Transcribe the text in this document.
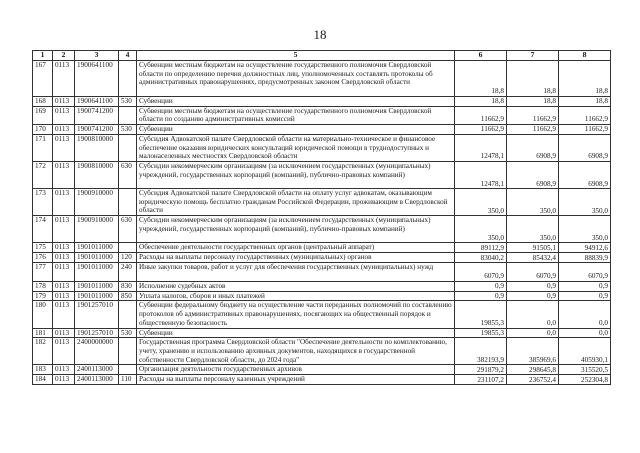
18
1	2	3	4	5	6	7	8
167	0113	1900641100		Субвенции местным бюджетам на осуществление государственного полномочия Свердловской области по определению перечня должностных лиц, уполномоченных составлять протоколы об административных правонарушениях, предусмотренных законом Свердловской области	18,8	18,8	18,8
168	0113	1900641100	530	Субвенции	18,8	18,8	18,8
169	0113	1900741200		Субвенции местным бюджетам на осуществление государственного полномочия Свердловской области по созданию административных комиссий	11662,9	11662,9	11662,9
170	0113	1900741200	530	Субвенции	11662,9	11662,9	11662,9
171	0113	1900810000		Субсидия Адвокатской палате Свердловской области на материально-техническое и финансовое обеспечение оказания юридических консультаций юридической помощи в труднодоступных и малонаселенных местностях Свердловской области	12478,1	6908,9	6908,9
172	0113	1900810000	630	Субсидии некоммерческим организациям (за исключением государственных (муниципальных) учреждений, государственных корпораций (компаний), публично-правовых компаний)	12478,1	6908,9	6908,9
173	0113	1900910000		Субсидия Адвокатской палате Свердловской области на оплату услуг адвокатам, оказывающим юридическую помощь бесплатно гражданам Российской Федерации, проживающим в Свердловской области	350,0	350,0	350,0
174	0113	1900910000	630	Субсидии некоммерческим организациям (за исключением государственных (муниципальных) учреждений, государственных корпораций (компаний), публично-правовых компаний)	350,0	350,0	350,0
175	0113	1901011000		Обеспечение деятельности государственных органов (центральный аппарат)	89112,9	91505,1	94912,6
176	0113	1901011000	120	Расходы на выплаты персоналу государственных (муниципальных) органов	83040,2	85432,4	88839,9
177	0113	1901011000	240	Иные закупки товаров, работ и услуг для обеспечения государственных (муниципальных) нужд	6070,9	6070,9	6070,9
178	0113	1901011000	830	Исполнение судебных актов	0,9	0,9	0,9
179	0113	1901011000	850	Уплата налогов, сборов и иных платежей	0,9	0,9	0,9
180	0113	1901257010		Субвенции федеральному бюджету на осуществление части переданных полномочий по составлению протоколов об административных правонарушениях, посягающих на общественный порядок и общественную безопасность	19855,3	0,0	0,0
181	0113	1901257010	530	Субвенции	19855,3	0,0	0,0
182	0113	2400000000		Государственная программа Свердловской области "Обеспечение деятельности по комплектованию, учету, хранению и использованию архивных документов, находящихся в государственной собственности Свердловской области, до 2024 года"	382193,9	385969,6	405930,1
183	0113	2400113000		Организация деятельности государственных архивов	291879,2	298645,8	315520,5
184	0113	2400113000	110	Расходы на выплаты персоналу казенных учреждений	231107,2	236752,4	252304,8
